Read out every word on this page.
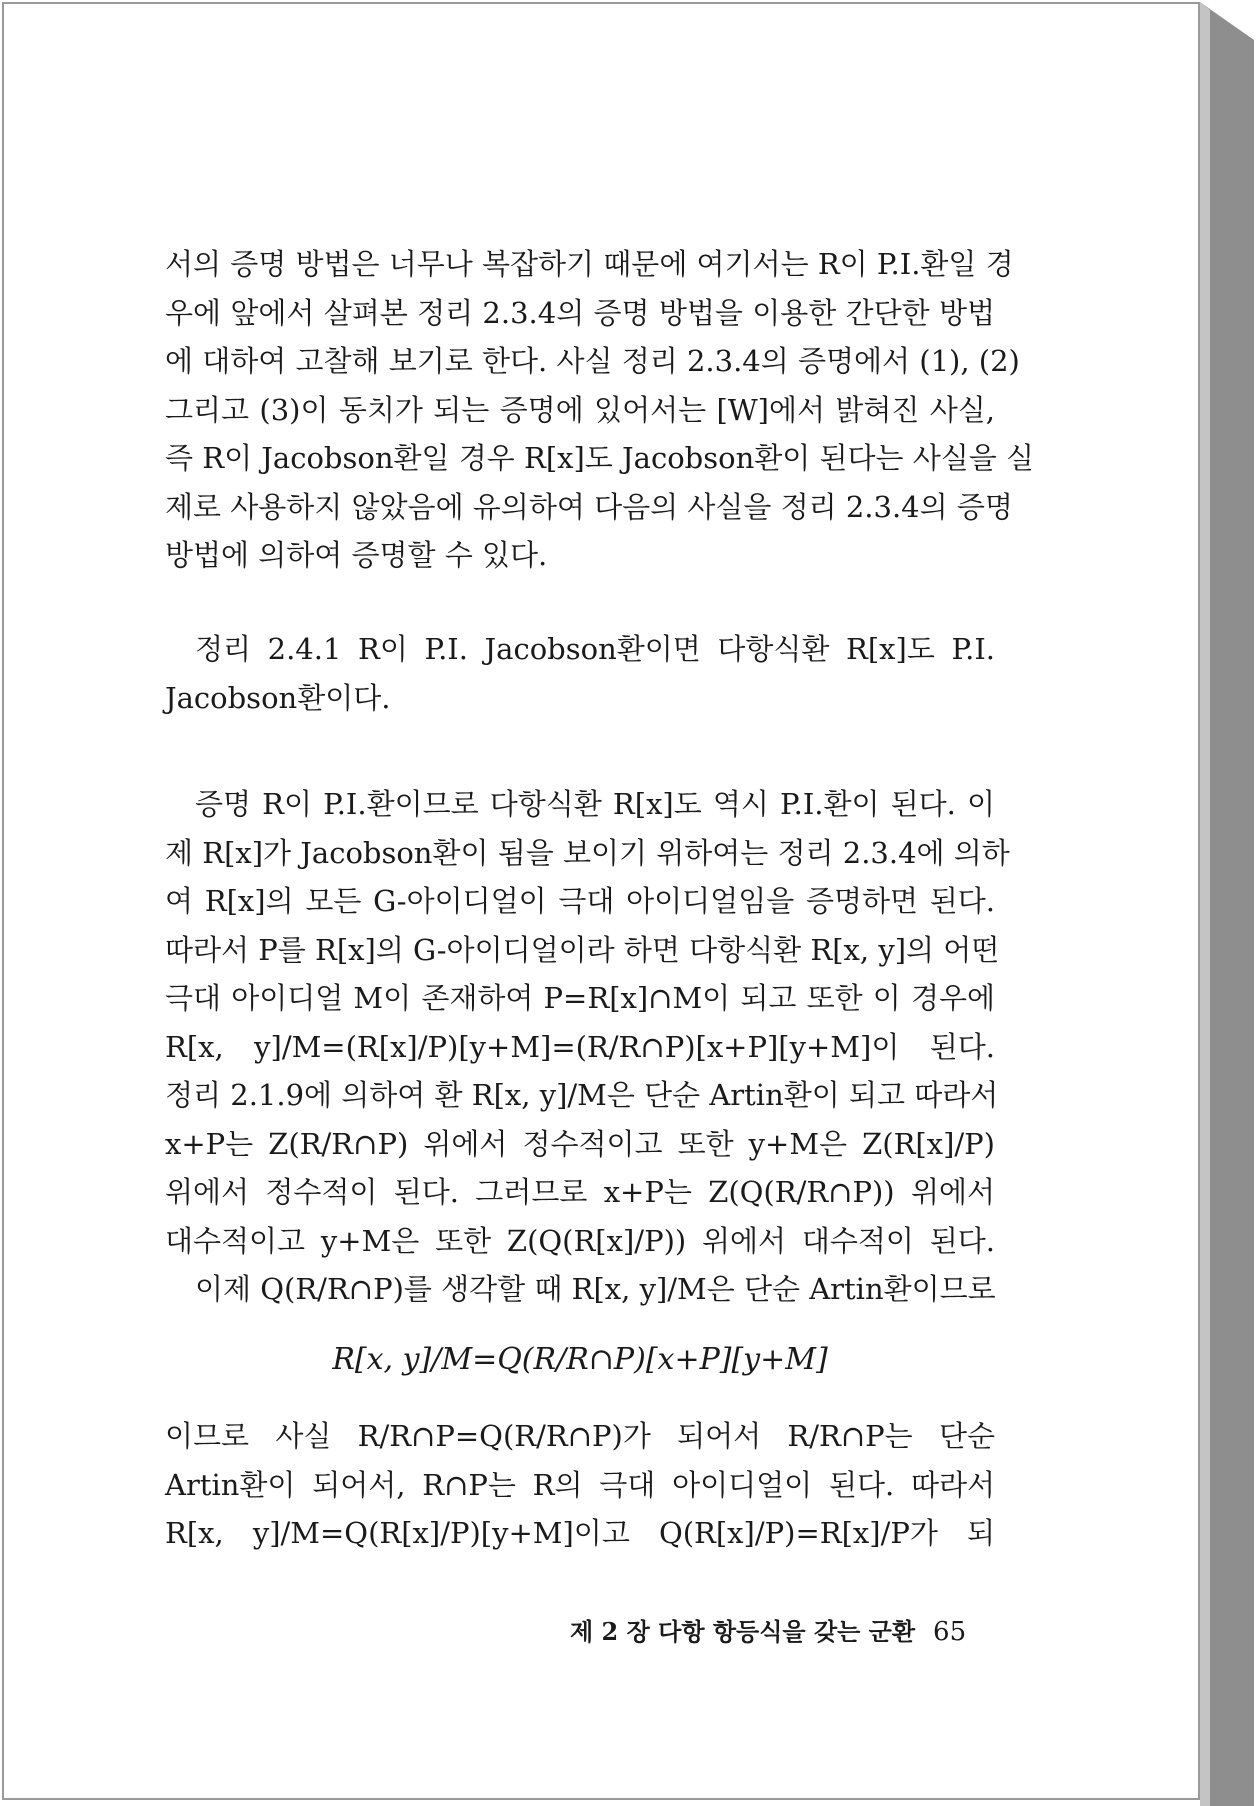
서의 증명 방법은 너무나 복잡하기 때문에 여기서는 R이 P.I.환일 경
우에 앞에서 살펴본 정리 2.3.4의 증명 방법을 이용한 간단한 방법
에 대하여 고찰해 보기로 한다. 사실 정리 2.3.4의 증명에서 (1), (2)
그리고 (3)이 동치가 되는 증명에 있어서는 [W]에서 밝혀진 사실,
즉 R이 Jacobson환일 경우 R[x]도 Jacobson환이 된다는 사실을 실
제로 사용하지 않았음에 유의하여 다음의 사실을 정리 2.3.4의 증명
방법에 의하여 증명할 수 있다.
정리 2.4.1 R이 P.I. Jacobson환이면 다항식환 R[x]도 P.I.
Jacobson환이다.
증명 R이 P.I.환이므로 다항식환 R[x]도 역시 P.I.환이 된다. 이
제 R[x]가 Jacobson환이 됨을 보이기 위하여는 정리 2.3.4에 의하
여 R[x]의 모든 G-아이디얼이 극대 아이디얼임을 증명하면 된다.
따라서 P를 R[x]의 G-아이디얼이라 하면 다항식환 R[x, y]의 어떤
극대 아이디얼 M이 존재하여 P=R[x]∩M이 되고 또한 이 경우에
R[x, y]/M=(R[x]/P)[y+M]=(R/R∩P)[x+P][y+M]이 된다.
정리 2.1.9에 의하여 환 R[x, y]/M은 단순 Artin환이 되고 따라서
x+P는 Z(R/R∩P) 위에서 정수적이고 또한 y+M은 Z(R[x]/P)
위에서 정수적이 된다. 그러므로 x+P는 Z(Q(R/R∩P)) 위에서
대수적이고 y+M은 또한 Z(Q(R[x]/P)) 위에서 대수적이 된다.
이제 Q(R/R∩P)를 생각할 때 R[x, y]/M은 단순 Artin환이므로
R[x, y]/M=Q(R/R∩P)[x+P][y+M]
이므로 사실 R/R∩P=Q(R/R∩P)가 되어서 R/R∩P는 단순
Artin환이 되어서, R∩P는 R의 극대 아이디얼이 된다. 따라서
R[x, y]/M=Q(R[x]/P)[y+M]이고 Q(R[x]/P)=R[x]/P가 되
제 2 장 다항 항등식을 갖는 군환 65
